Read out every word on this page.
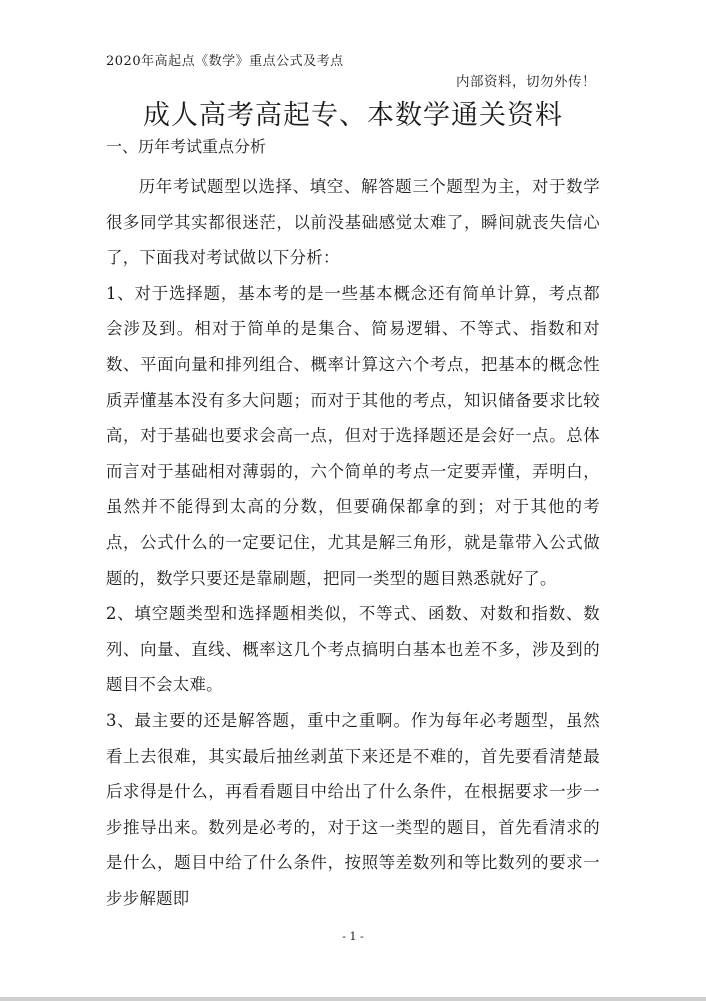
2020年高起点《数学》重点公式及考点
内部资料，切勿外传！
成人高考高起专、本数学通关资料
一、历年考试重点分析

历年考试题型以选择、填空、解答题三个题型为主，对于数学很多同学其实都很迷茫，以前没基础感觉太难了，瞬间就丧失信心了，下面我对考试做以下分析：

1、对于选择题，基本考的是一些基本概念还有简单计算，考点都会涉及到。相对于简单的是集合、简易逻辑、不等式、指数和对数、平面向量和排列组合、概率计算这六个考点，把基本的概念性质弄懂基本没有多大问题；而对于其他的考点，知识储备要求比较高，对于基础也要求会高一点，但对于选择题还是会好一点。总体而言对于基础相对薄弱的，六个简单的考点一定要弄懂，弄明白，虽然并不能得到太高的分数，但要确保都拿的到；对于其他的考点，公式什么的一定要记住，尤其是解三角形，就是靠带入公式做题的，数学只要还是靠刷题，把同一类型的题目熟悉就好了。

2、填空题类型和选择题相类似，不等式、函数、对数和指数、数列、向量、直线、概率这几个考点搞明白基本也差不多，涉及到的题目不会太难。

3、最主要的还是解答题，重中之重啊。作为每年必考题型，虽然看上去很难，其实最后抽丝剥茧下来还是不难的，首先要看清楚最后求得是什么，再看看题目中给出了什么条件，在根据要求一步一步推导出来。数列是必考的，对于这一类型的题目，首先看清求的是什么，题目中给了什么条件，按照等差数列和等比数列的要求一步步解题即

- 1 -
